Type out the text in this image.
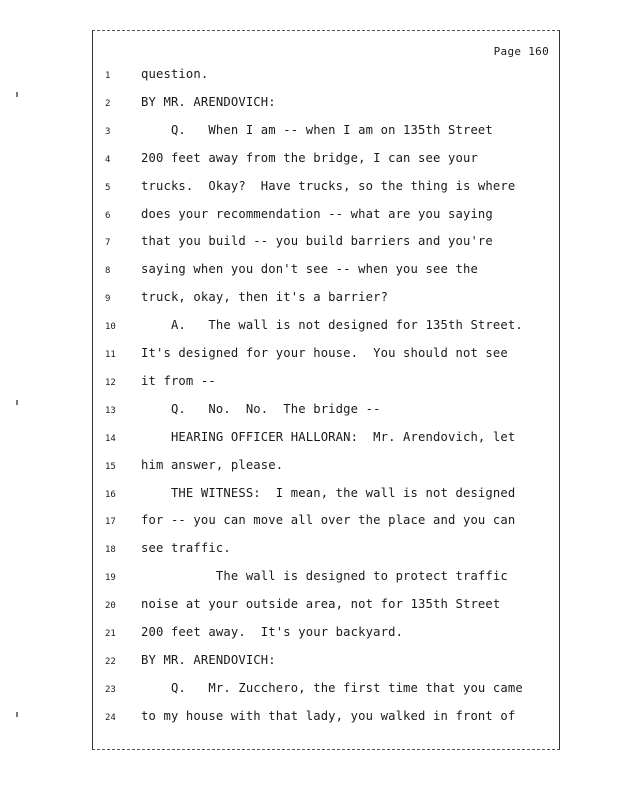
Page 160
1	question.
2	BY MR. ARENDOVICH:
3	Q.   When I am -- when I am on 135th Street
4	200 feet away from the bridge, I can see your
5	trucks.  Okay?  Have trucks, so the thing is where
6	does your recommendation -- what are you saying
7	that you build -- you build barriers and you're
8	saying when you don't see -- when you see the
9	truck, okay, then it's a barrier?
10	A.   The wall is not designed for 135th Street.
11	It's designed for your house.  You should not see
12	it from --
13	Q.   No.  No.  The bridge --
14	HEARING OFFICER HALLORAN:  Mr. Arendovich, let
15	him answer, please.
16	THE WITNESS:  I mean, the wall is not designed
17	for -- you can move all over the place and you can
18	see traffic.
19	The wall is designed to protect traffic
20	noise at your outside area, not for 135th Street
21	200 feet away.  It's your backyard.
22	BY MR. ARENDOVICH:
23	Q.   Mr. Zucchero, the first time that you came
24	to my house with that lady, you walked in front of
